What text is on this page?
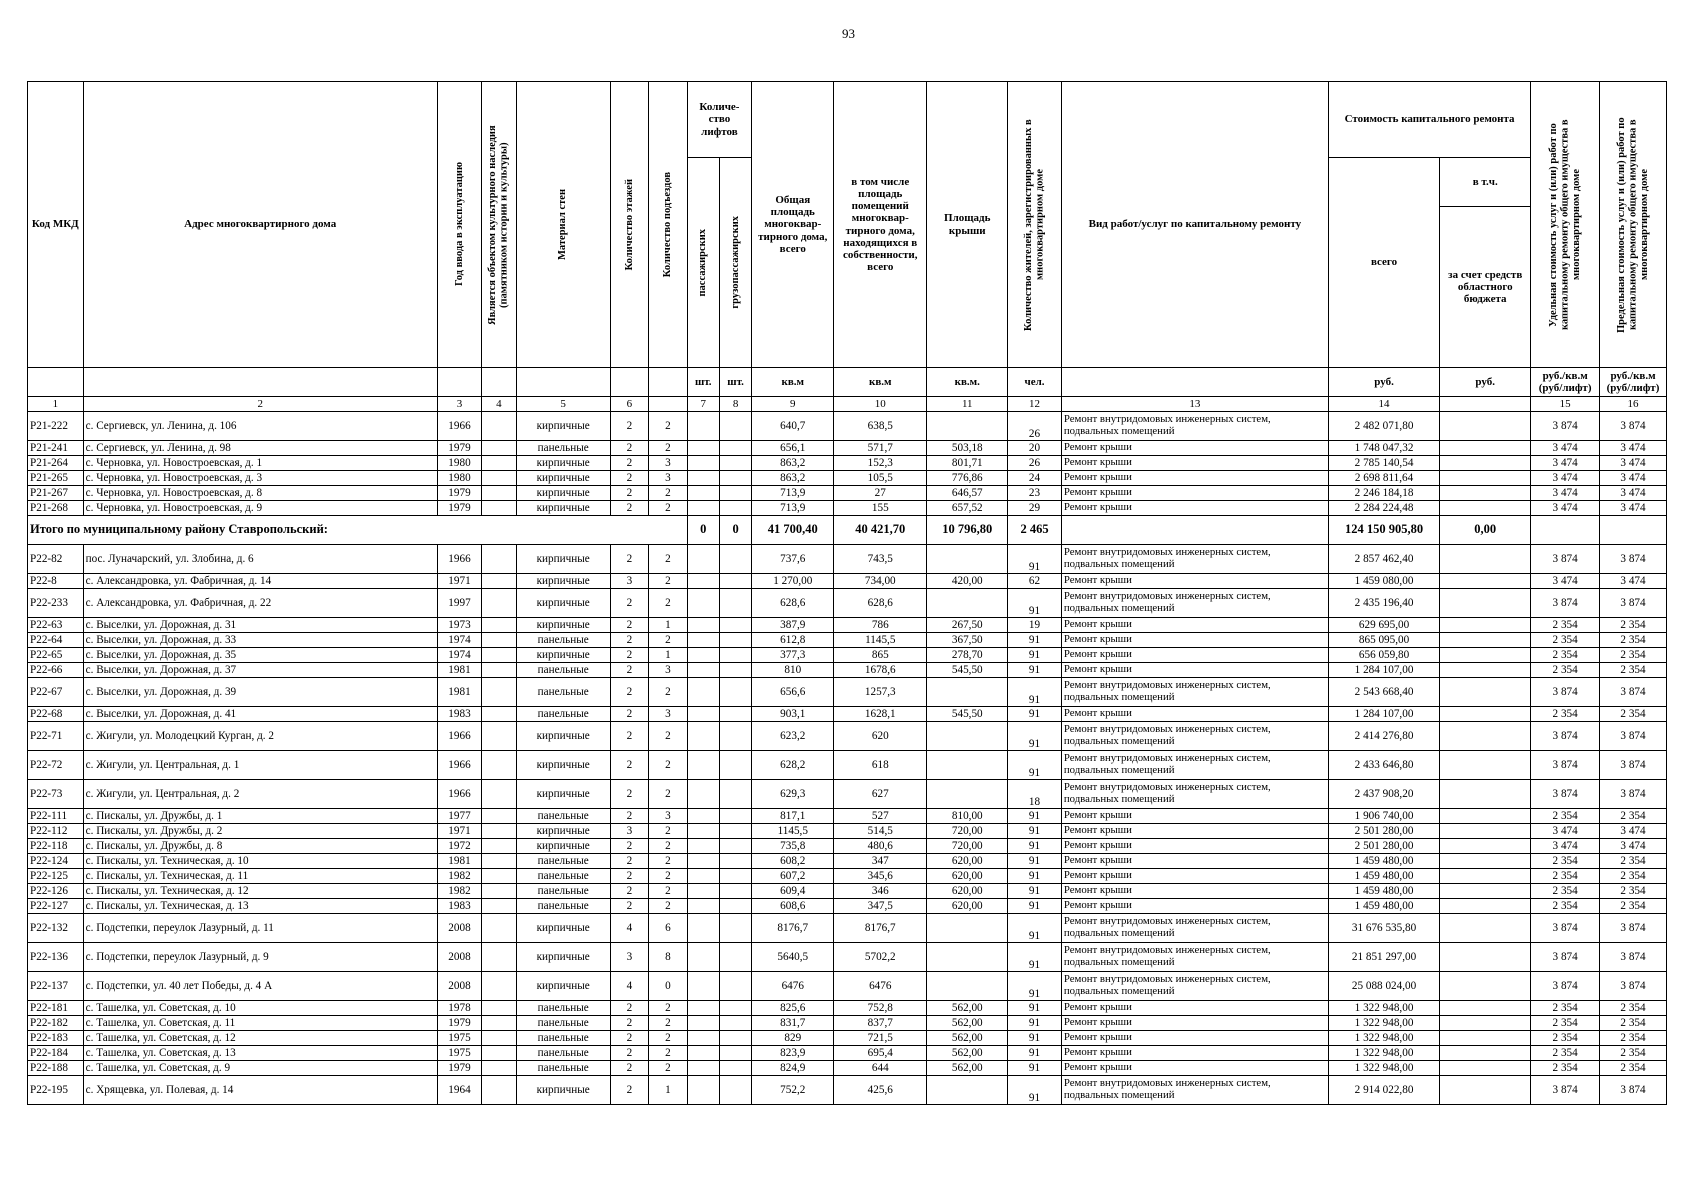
93
Код МКД	Адрес многоквартирного дома	Год ввода в эксплуатацию	Является объектом культурного наследия (памятником истории и культуры)	Материал стен	Количество этажей	Количество подъездов	Количе-ство лифтов		Общая площадь многоквар-тирного дома, всего	в том числе площадь помещений многоквар-тирного дома, находящихся в собственности, всего	Площадь крыши	Количество жителей, зарегистрированных в многоквартирном доме	Вид работ/услуг по капитальному ремонту	Стоимость капитального ремонта		Удельная стоимость услуг и (или) работ по капитальному ремонту общего имущества в многоквартирном доме	Предельная стоимость услуг и (или) работ по капитальному ремонту общего имущества в многоквартирном доме

							пассажирских	грузопассажирских						всего	в т.ч.		
															за счет средств областного бюджета		
							шт.	шт.	кв.м	кв.м	кв.м.	чел.		руб.	руб.	руб./кв.м (руб/лифт)	руб./кв.м (руб/лифт)
1	2	3	4	5	6		7	8	9	10	11	12	13	14		15	16
Р21-222	с. Сергиевск, ул. Ленина, д. 106	1966		кирпичные	2	2			640,7	638,5		26	Ремонт внутридомовых инженерных систем, подвальных помещений	2 482 071,80		3 874	3 874
Р21-241	с. Сергиевск, ул. Ленина, д. 98	1979		панельные	2	2			656,1	571,7	503,18	20	Ремонт крыши	1 748 047,32		3 474	3 474
Р21-264	с. Черновка, ул. Новостроевская, д. 1	1980		кирпичные	2	3			863,2	152,3	801,71	26	Ремонт крыши	2 785 140,54		3 474	3 474
Р21-265	с. Черновка, ул. Новостроевская, д. 3	1980		кирпичные	2	3			863,2	105,5	776,86	24	Ремонт крыши	2 698 811,64		3 474	3 474
Р21-267	с. Черновка, ул. Новостроевская, д. 8	1979		кирпичные	2	2			713,9	27	646,57	23	Ремонт крыши	2 246 184,18		3 474	3 474
Р21-268	с. Черновка, ул. Новостроевская, д. 9	1979		кирпичные	2	2			713,9	155	657,52	29	Ремонт крыши	2 284 224,48		3 474	3 474
Итого по муниципальному району Ставропольский:							0	0	41 700,40	40 421,70	10 796,80	2 465		124 150 905,80	0,00		
Р22-82	пос. Луначарский, ул. Злобина, д. 6	1966		кирпичные	2	2			737,6	743,5		91	Ремонт внутридомовых инженерных систем, подвальных помещений	2 857 462,40		3 874	3 874
Р22-8	с. Александровка, ул. Фабричная, д. 14	1971		кирпичные	3	2			1 270,00	734,00	420,00	62	Ремонт крыши	1 459 080,00		3 474	3 474
Р22-233	с. Александровка, ул. Фабричная, д. 22	1997		кирпичные	2	2			628,6	628,6		91	Ремонт внутридомовых инженерных систем, подвальных помещений	2 435 196,40		3 874	3 874
Р22-63	с. Выселки, ул. Дорожная, д. 31	1973		кирпичные	2	1			387,9	786	267,50	19	Ремонт крыши	629 695,00		2 354	2 354
Р22-64	с. Выселки, ул. Дорожная, д. 33	1974		панельные	2	2			612,8	1145,5	367,50	91	Ремонт крыши	865 095,00		2 354	2 354
Р22-65	с. Выселки, ул. Дорожная, д. 35	1974		кирпичные	2	1			377,3	865	278,70	91	Ремонт крыши	656 059,80		2 354	2 354
Р22-66	с. Выселки, ул. Дорожная, д. 37	1981		панельные	2	3			810	1678,6	545,50	91	Ремонт крыши	1 284 107,00		2 354	2 354
Р22-67	с. Выселки, ул. Дорожная, д. 39	1981		панельные	2	2			656,6	1257,3		91	Ремонт внутридомовых инженерных систем, подвальных помещений	2 543 668,40		3 874	3 874
Р22-68	с. Выселки, ул. Дорожная, д. 41	1983		панельные	2	3			903,1	1628,1	545,50	91	Ремонт крыши	1 284 107,00		2 354	2 354
Р22-71	с. Жигули, ул. Молодецкий Курган, д. 2	1966		кирпичные	2	2			623,2	620		91	Ремонт внутридомовых инженерных систем, подвальных помещений	2 414 276,80		3 874	3 874
Р22-72	с. Жигули, ул. Центральная, д. 1	1966		кирпичные	2	2			628,2	618		91	Ремонт внутридомовых инженерных систем, подвальных помещений	2 433 646,80		3 874	3 874
Р22-73	с. Жигули, ул. Центральная, д. 2	1966		кирпичные	2	2			629,3	627		18	Ремонт внутридомовых инженерных систем, подвальных помещений	2 437 908,20		3 874	3 874
Р22-111	с. Пискалы, ул. Дружбы, д. 1	1977		панельные	2	3			817,1	527	810,00	91	Ремонт крыши	1 906 740,00		2 354	2 354
Р22-112	с. Пискалы, ул. Дружбы, д. 2	1971		кирпичные	3	2			1145,5	514,5	720,00	91	Ремонт крыши	2 501 280,00		3 474	3 474
Р22-118	с. Пискалы, ул. Дружбы, д. 8	1972		кирпичные	2	2			735,8	480,6	720,00	91	Ремонт крыши	2 501 280,00		3 474	3 474
Р22-124	с. Пискалы, ул. Техническая, д. 10	1981		панельные	2	2			608,2	347	620,00	91	Ремонт крыши	1 459 480,00		2 354	2 354
Р22-125	с. Пискалы, ул. Техническая, д. 11	1982		панельные	2	2			607,2	345,6	620,00	91	Ремонт крыши	1 459 480,00		2 354	2 354
Р22-126	с. Пискалы, ул. Техническая, д. 12	1982		панельные	2	2			609,4	346	620,00	91	Ремонт крыши	1 459 480,00		2 354	2 354
Р22-127	с. Пискалы, ул. Техническая, д. 13	1983		панельные	2	2			608,6	347,5	620,00	91	Ремонт крыши	1 459 480,00		2 354	2 354
Р22-132	с. Подстепки, переулок Лазурный, д. 11	2008		кирпичные	4	6			8176,7	8176,7		91	Ремонт внутридомовых инженерных систем, подвальных помещений	31 676 535,80		3 874	3 874
Р22-136	с. Подстепки, переулок Лазурный, д. 9	2008		кирпичные	3	8			5640,5	5702,2		91	Ремонт внутридомовых инженерных систем, подвальных помещений	21 851 297,00		3 874	3 874
Р22-137	с. Подстепки, ул. 40 лет Победы, д. 4 А	2008		кирпичные	4	0			6476	6476		91	Ремонт внутридомовых инженерных систем, подвальных помещений	25 088 024,00		3 874	3 874
Р22-181	с. Ташелка, ул. Советская, д. 10	1978		панельные	2	2			825,6	752,8	562,00	91	Ремонт крыши	1 322 948,00		2 354	2 354
Р22-182	с. Ташелка, ул. Советская, д. 11	1979		панельные	2	2			831,7	837,7	562,00	91	Ремонт крыши	1 322 948,00		2 354	2 354
Р22-183	с. Ташелка, ул. Советская, д. 12	1975		панельные	2	2			829	721,5	562,00	91	Ремонт крыши	1 322 948,00		2 354	2 354
Р22-184	с. Ташелка, ул. Советская, д. 13	1975		панельные	2	2			823,9	695,4	562,00	91	Ремонт крыши	1 322 948,00		2 354	2 354
Р22-188	с. Ташелка, ул. Советская, д. 9	1979		панельные	2	2			824,9	644	562,00	91	Ремонт крыши	1 322 948,00		2 354	2 354
Р22-195	с. Хрящевка, ул. Полевая, д. 14	1964		кирпичные	2	1			752,2	425,6		91	Ремонт внутридомовых инженерных систем, подвальных помещений	2 914 022,80		3 874	3 874
